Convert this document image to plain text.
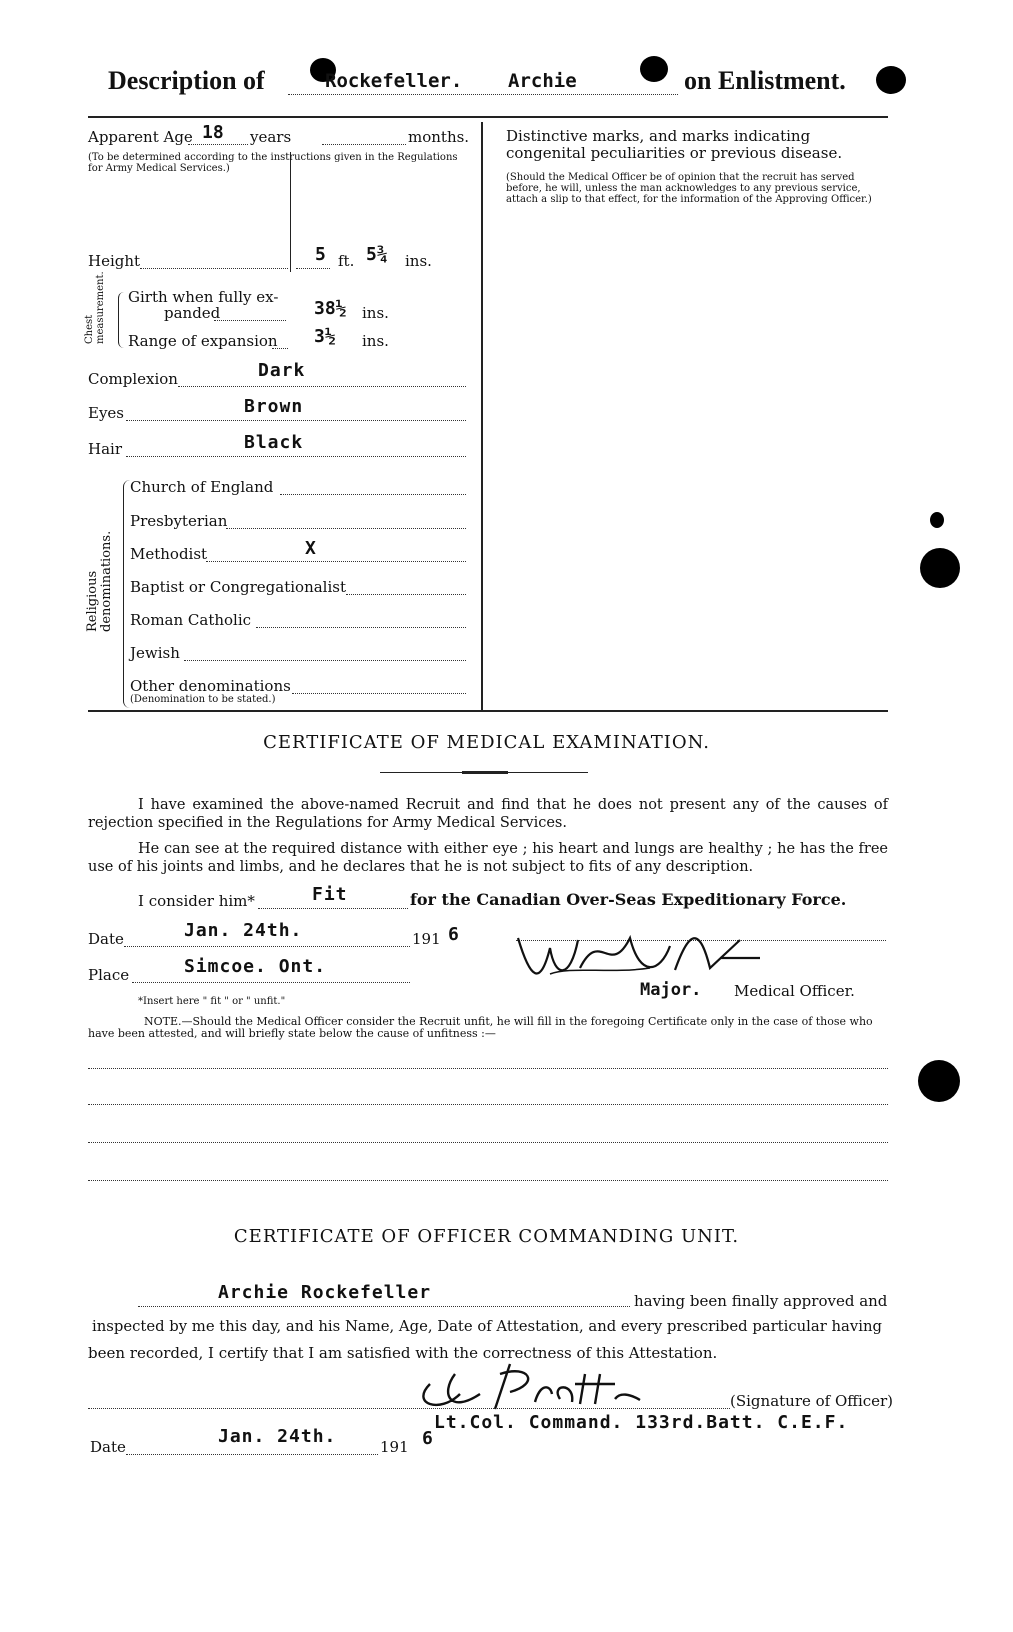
Description of	Rockefeller. Archie	on Enlistment.
Apparent Age 18 years	months.
(To be determined according to the instructions given in the Regulations for Army Medical Services.)
Height	5 ft. 5¾ ins.
Chest measurement. Girth when fully ex-
panded	38½ ins.
Range of expansion 3½ ins.
Complexion	Dark
Eyes	Brown
Hair	Black
Religious denominations.
Church of England
Presbyterian
Methodist	X
Baptist or Congregationalist
Roman Catholic
Jewish
Other denominations
(Denomination to be stated.)
Distinctive marks, and marks indicating congenital peculiarities or previous disease.
(Should the Medical Officer be of opinion that the recruit has served before, he will, unless the man acknowledges to any previous service, attach a slip to that effect, for the information of the Approving Officer.)
CERTIFICATE OF MEDICAL EXAMINATION.
I have examined the above-named Recruit and find that he does not present any of the causes of rejection specified in the Regulations for Army Medical Services.
He can see at the required distance with either eye ; his heart and lungs are healthy ; he has the free use of his joints and limbs, and he declares that he is not subject to fits of any description.
I consider him*	Fit	for the Canadian Over-Seas Expeditionary Force.
Date	Jan. 24th.	191 6
Place	Simcoe. Ont.
Major. Medical Officer.
*Insert here " fit " or " unfit."
NOTE.—Should the Medical Officer consider the Recruit unfit, he will fill in the foregoing Certificate only in the case of those who have been attested, and will briefly state below the cause of unfitness :—
CERTIFICATE OF OFFICER COMMANDING UNIT.
Archie Rockefeller	having been finally approved and
inspected by me this day, and his Name, Age, Date of Attestation, and every prescribed particular having
been recorded, I certify that I am satisfied with the correctness of this Attestation.
(Signature of Officer)
Date	Jan. 24th.	191 6
Lt.Col. Command. 133rd.Batt. C.E.F.
